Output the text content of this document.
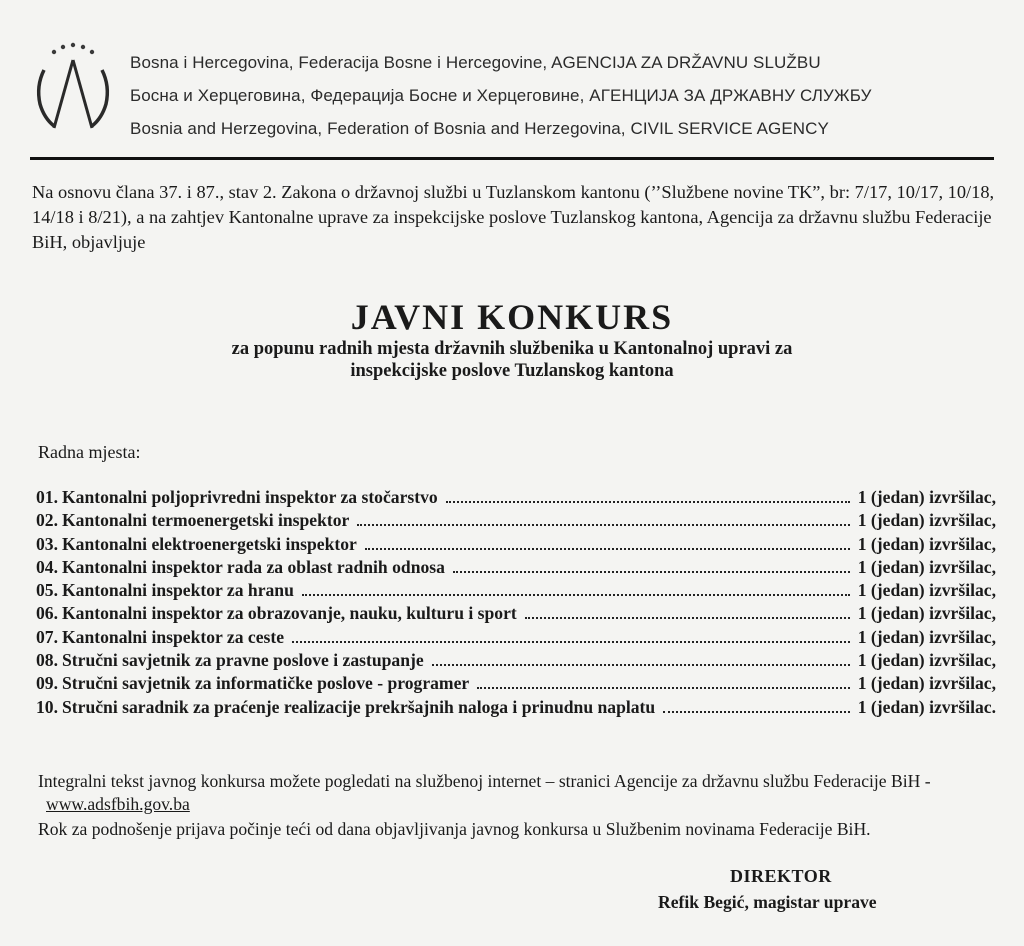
Bosna i Hercegovina, Federacija Bosne i Hercegovine, AGENCIJA ZA DRŽAVNU SLUŽBU
Босна и Херцеговина, Федерација Босне и Херцеговине, АГЕНЦИЈА ЗА ДРЖАВНУ СЛУЖБУ
Bosnia and Herzegovina, Federation of Bosnia and Herzegovina, CIVIL SERVICE AGENCY
Na osnovu člana 37. i 87., stav 2. Zakona o državnoj službi u Tuzlanskom kantonu (’’Službene novine TK”, br: 7/17, 10/17, 10/18, 14/18 i 8/21), a na zahtjev Kantonalne uprave za inspekcijske poslove Tuzlanskog kantona, Agencija za državnu službu Federacije BiH, objavljuje
JAVNI KONKURS
za popunu radnih mjesta državnih službenika u Kantonalnoj upravi za
inspekcijske poslove Tuzlanskog kantona
Radna mjesta:
01. Kantonalni poljoprivredni inspektor za stočarstvo	1 (jedan) izvršilac,
02. Kantonalni termoenergetski inspektor	1 (jedan) izvršilac,
03. Kantonalni elektroenergetski inspektor	1 (jedan) izvršilac,
04. Kantonalni inspektor rada za oblast radnih odnosa	1 (jedan) izvršilac,
05. Kantonalni inspektor za hranu	1 (jedan) izvršilac,
06. Kantonalni inspektor za obrazovanje, nauku, kulturu i sport	1 (jedan) izvršilac,
07. Kantonalni inspektor za ceste	1 (jedan) izvršilac,
08. Stručni savjetnik za pravne poslove i zastupanje	1 (jedan) izvršilac,
09. Stručni savjetnik za informatičke poslove - programer	1 (jedan) izvršilac,
10. Stručni saradnik za praćenje realizacije prekršajnih naloga i prinudnu naplatu	1 (jedan) izvršilac.
Integralni tekst javnog konkursa možete pogledati na službenoj internet – stranici Agencije za državnu službu Federacije BiH -www.adsfbih.gov.ba
Rok za podnošenje prijava počinje teći od dana objavljivanja javnog konkursa u Službenim novinama Federacije BiH.
DIREKTOR
Refik Begić, magistar uprave
